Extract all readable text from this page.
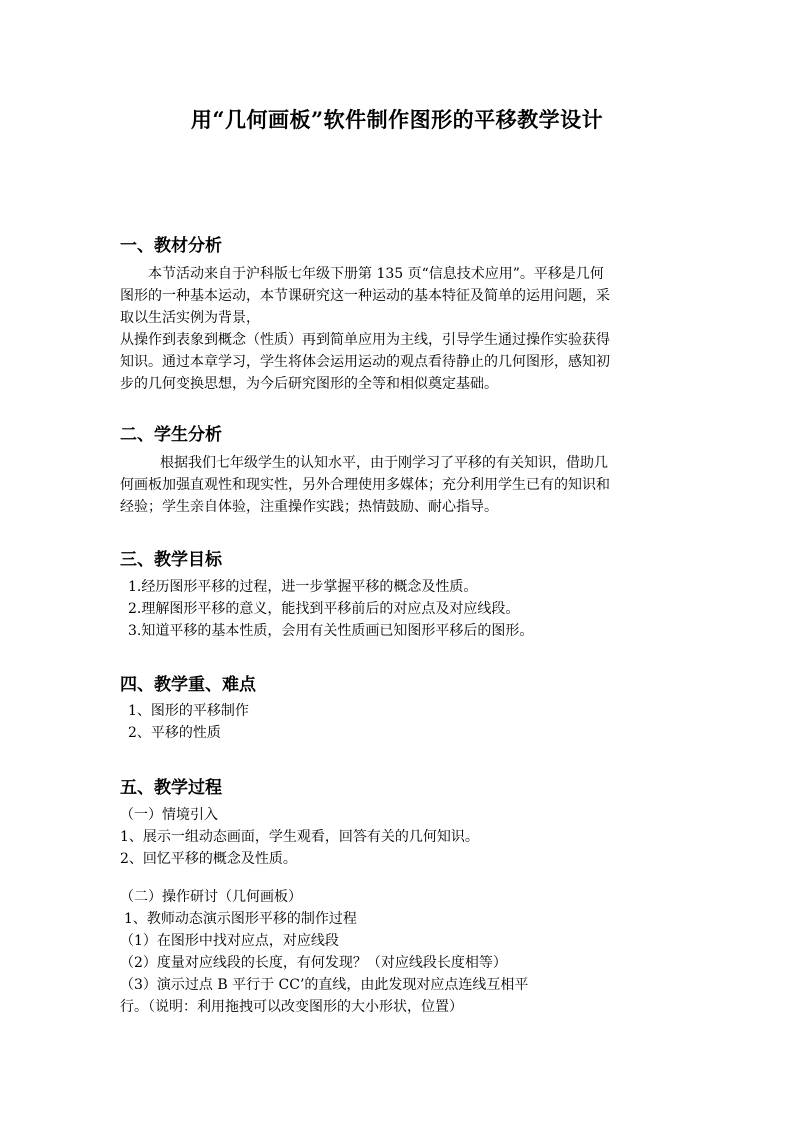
用“几何画板”软件制作图形的平移教学设计
一、教材分析
本节活动来自于沪科版七年级下册第 135 页“信息技术应用”。平移是几何
图形的一种基本运动，本节课研究这一种运动的基本特征及简单的运用问题，采
取以生活实例为背景，
从操作到表象到概念（性质）再到简单应用为主线，引导学生通过操作实验获得
知识。通过本章学习，学生将体会运用运动的观点看待静止的几何图形，感知初
步的几何变换思想，为今后研究图形的全等和相似奠定基础。
二、学生分析
根据我们七年级学生的认知水平，由于刚学习了平移的有关知识，借助几
何画板加强直观性和现实性，另外合理使用多媒体；充分利用学生已有的知识和
经验；学生亲自体验，注重操作实践；热情鼓励、耐心指导。
三、教学目标
1.经历图形平移的过程，进一步掌握平移的概念及性质。
2.理解图形平移的意义，能找到平移前后的对应点及对应线段。
3.知道平移的基本性质，会用有关性质画已知图形平移后的图形。
四、教学重、难点
1、图形的平移制作
2、平移的性质
五、教学过程
（一）情境引入
1、展示一组动态画面，学生观看，回答有关的几何知识。
2、回忆平移的概念及性质。
（二）操作研讨（几何画板）
1、教师动态演示图形平移的制作过程
（1）在图形中找对应点，对应线段
（2）度量对应线段的长度，有何发现？（对应线段长度相等）
（3）演示过点 B 平行于 CC’的直线，由此发现对应点连线互相平
行。（说明：利用拖拽可以改变图形的大小形状，位置）
